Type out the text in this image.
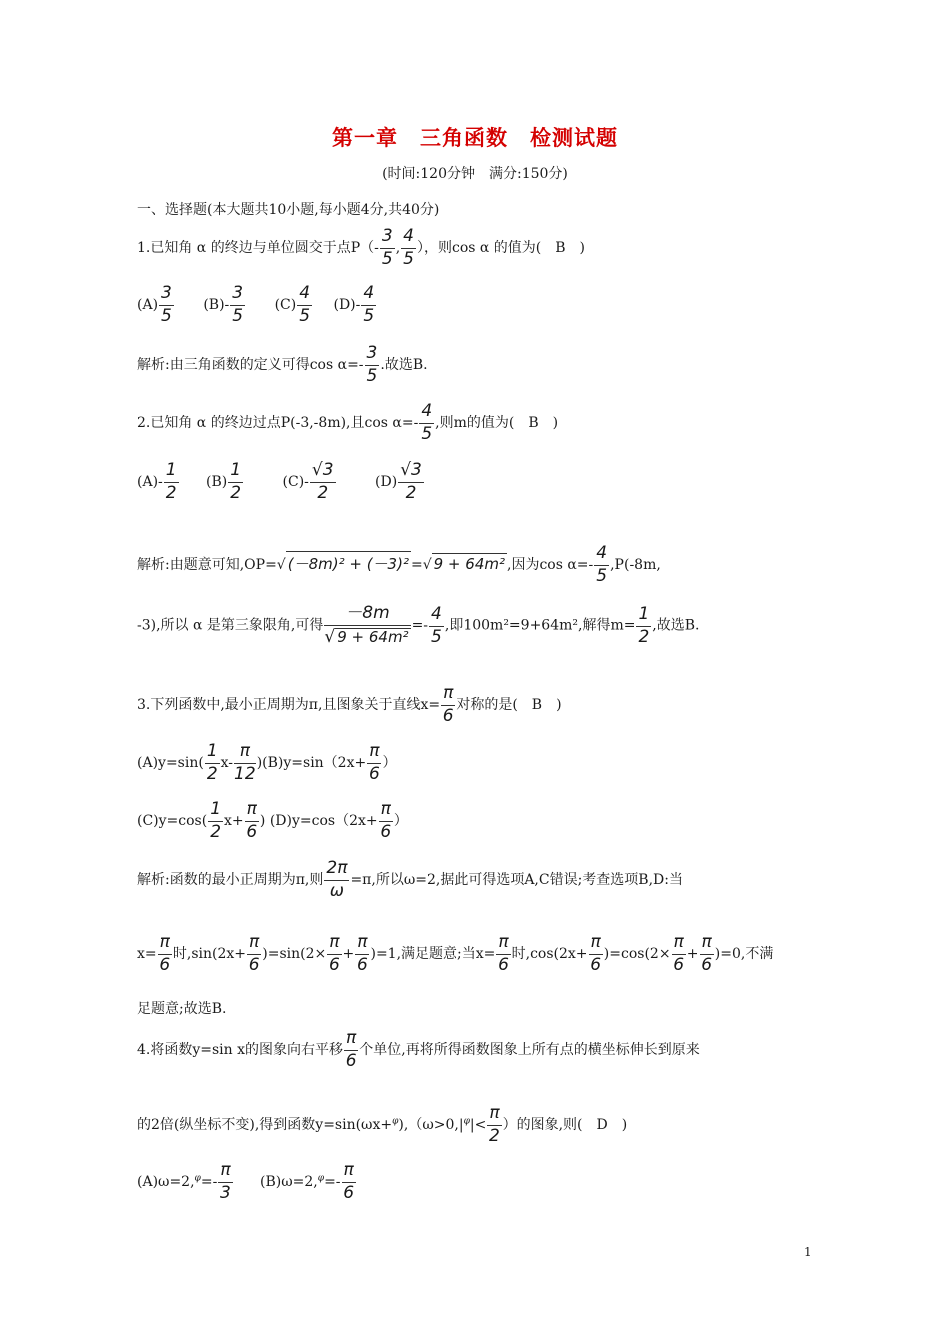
第一章　三角函数　检测试题
(时间:120分钟　满分:150分)
一、选择题(本大题共10小题,每小题4分,共40分)
1.已知角 α 的终边与单位圆交于点$P(- \frac{3}{5}$ , $\frac{4}{5}$ ），则cos α 的值为(　B　)
$(A) \frac{3}{5} (B)- \frac{3}{5} (C) \frac{4}{5} (D)- \frac{4}{5}$
解析:由三角函数的定义可得$\cos \alpha=- \frac{3}{5}$ .故选B.
2.已知角 α 的终边过点P(-3,-8m),且$\cos \alpha=- \frac{4}{5}$ ,则m的值为(　B　)
$(A)- \frac{1}{2} (B) \frac{1}{2}$	$(C)- \frac{√3}{2}$	$(D) \frac{√3}{2}$
解析:由题意可知,OP=√ (－8m)² + (－3)² =√ 9 + 64m² ,因为$\cos \alpha=- \frac{4}{5} ,P(-8m$,
-3),所以 α 是第三象限角,可得 $\frac{-8m}{\text{√ 9 + 64m²}} =- \frac{4}{5}$ ,即100m²=9+64m²,解得$m= \frac{1}{2}$ ,故选B.
3.下列函数中,最小正周期为π,且图象关于直线$x= \frac{\pi}{6}$ 对称的是(　B　)
$(A)y=\sin( \frac{1}{2} x- \frac{\pi}{12} )(B)y=\sin(2x+ \frac{\pi}{6}$ ）
$(C)y=\cos( \frac{1}{2} x+ \frac{\pi}{6}$ ) $(D)y=\cos(2x+ \frac{\pi}{6}$ ）
解析:函数的最小正周期为π,则 $\frac{2\pi}{\omega} =\pi$,所以ω=2,据此可得选项A,C错误;考查选项B,D:当
$x= \frac{\pi}{6}$ 时$,\sin(2x+ \frac{\pi}{6} )=\sin(2\times \frac{\pi}{6} + \frac{\pi}{6} )=1$,满足题意;当$x= \frac{\pi}{6}$ 时$,\cos(2x+ \frac{\pi}{6} )=\cos(2\times \frac{\pi}{6} + \frac{\pi}{6} )=0$,不满
足题意;故选B.
4.将函数y=sin x的图象向右平移 $\frac{\pi}{6}$ 个单位,再将所得函数图象上所有点的横坐标伸长到原来
的2倍(纵坐标不变),得到函数$y=\sin(\omega x+^\varphi),(\omega>0,|^\varphi|< \frac{\pi}{2}$ ）的图象,则(　D　)
$(A)\omega=2,^\varphi=- \frac{\pi}{3} (B)\omega=2,^\varphi=- \frac{\pi}{6}$
1
